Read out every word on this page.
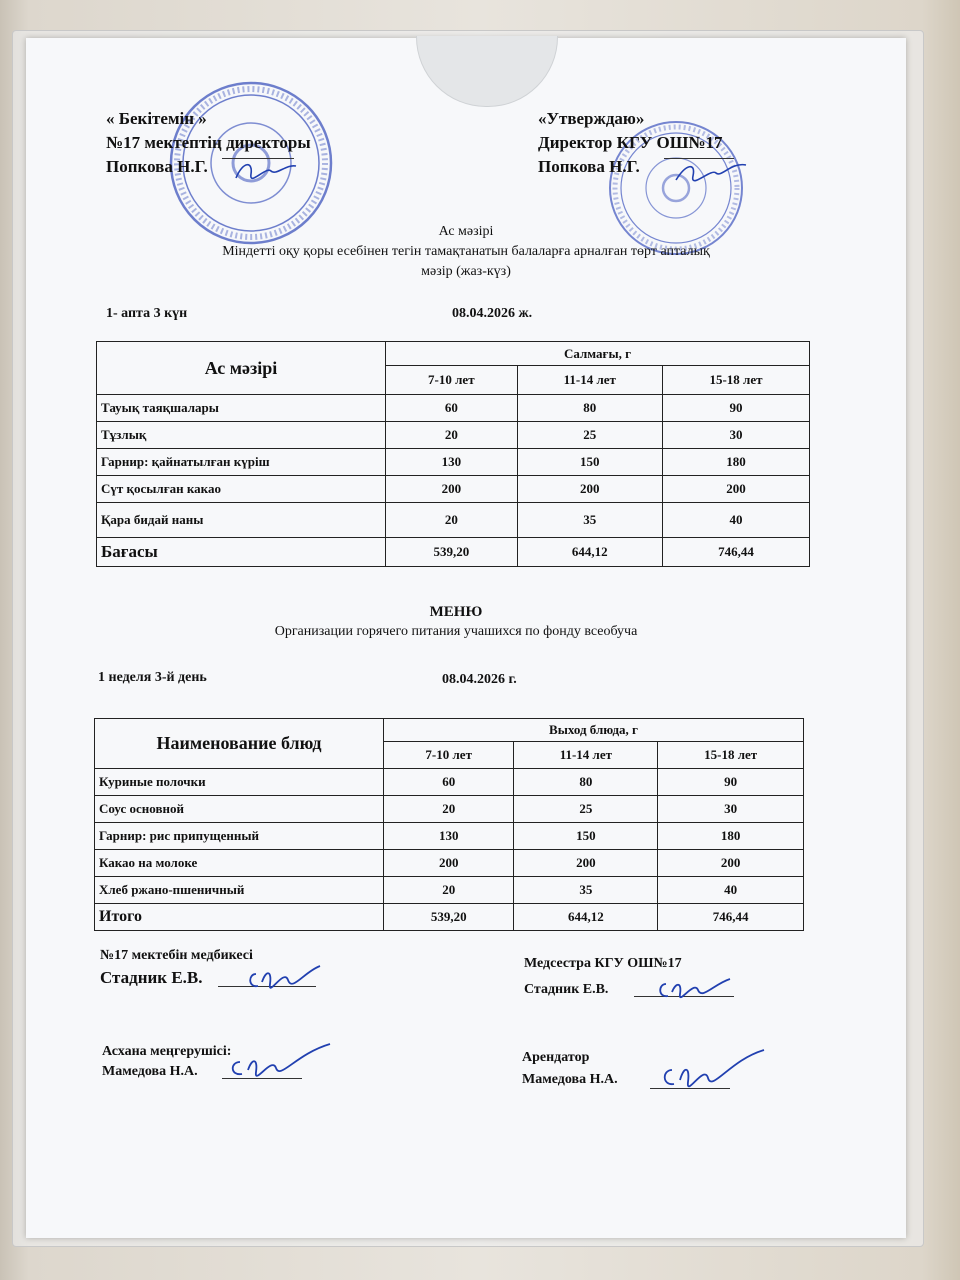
« Бекітемін »
№17 мектептің директоры
Попкова Н.Г.
«Утверждаю»
Директор КГУ ОШ№17
Попкова Н.Г.
Ас мәзірі
Міндетті оқу қоры есебінен тегін тамақтанатын балаларға арналған төрт апталық
мәзір (жаз-күз)
1- апта 3 күн	08.04.2026 ж.
Ас мәзірі	Салмағы, г		
	7-10 лет	11-14 лет	15-18 лет
Тауық таяқшалары	60	80	90
Тұзлық	20	25	30
Гарнир: қайнатылған күріш	130	150	180
Сүт қосылған какао	200	200	200
Қара бидай наны	20	35	40
Бағасы	539,20	644,12	746,44
МЕНЮ
Организации горячего питания учашихся по фонду всеобуча
1 неделя 3-й день	08.04.2026 г.
Наименование блюд	Выход блюда, г		
	7-10 лет	11-14 лет	15-18 лет
Куриные полочки	60	80	90
Соус основной	20	25	30
Гарнир: рис припущенный	130	150	180
Какао на молоке	200	200	200
Хлеб ржано-пшеничный	20	35	40
Итого	539,20	644,12	746,44
№17 мектебін медбикесі
Стадник Е.В.
Медсестра КГУ ОШ№17
Стадник Е.В.
Асхана меңгерушісі:
Мамедова Н.А.
Арендатор
Мамедова Н.А.
